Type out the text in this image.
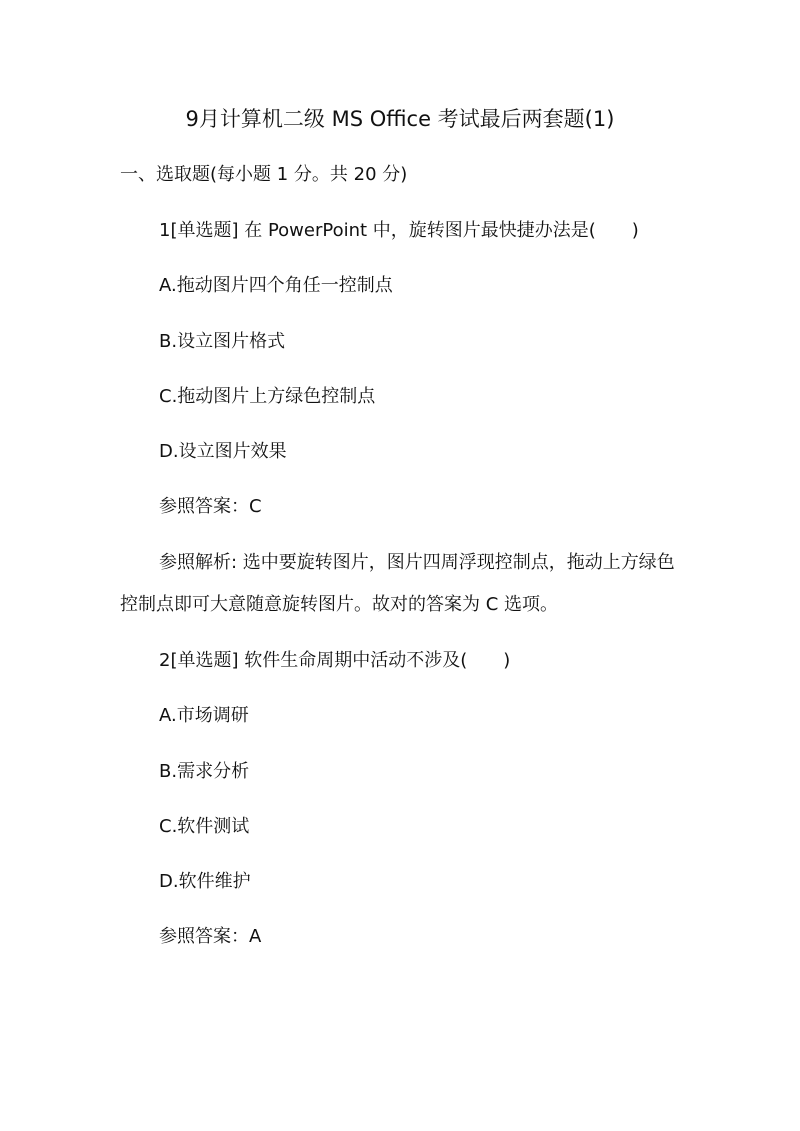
9月计算机二级 MS Office 考试最后两套题(1)
一、选取题(每小题 1 分。共 20 分)

1[单选题] 在 PowerPoint 中，旋转图片最快捷办法是(　　)

A.拖动图片四个角任一控制点

B.设立图片格式

C.拖动图片上方绿色控制点

D.设立图片效果

参照答案：C

参照解析: 选中要旋转图片，图片四周浮现控制点，拖动上方绿色控制点即可大意随意旋转图片。故对的答案为 C 选项。

2[单选题] 软件生命周期中活动不涉及(　　)

A.市场调研

B.需求分析

C.软件测试

D.软件维护

参照答案：A
